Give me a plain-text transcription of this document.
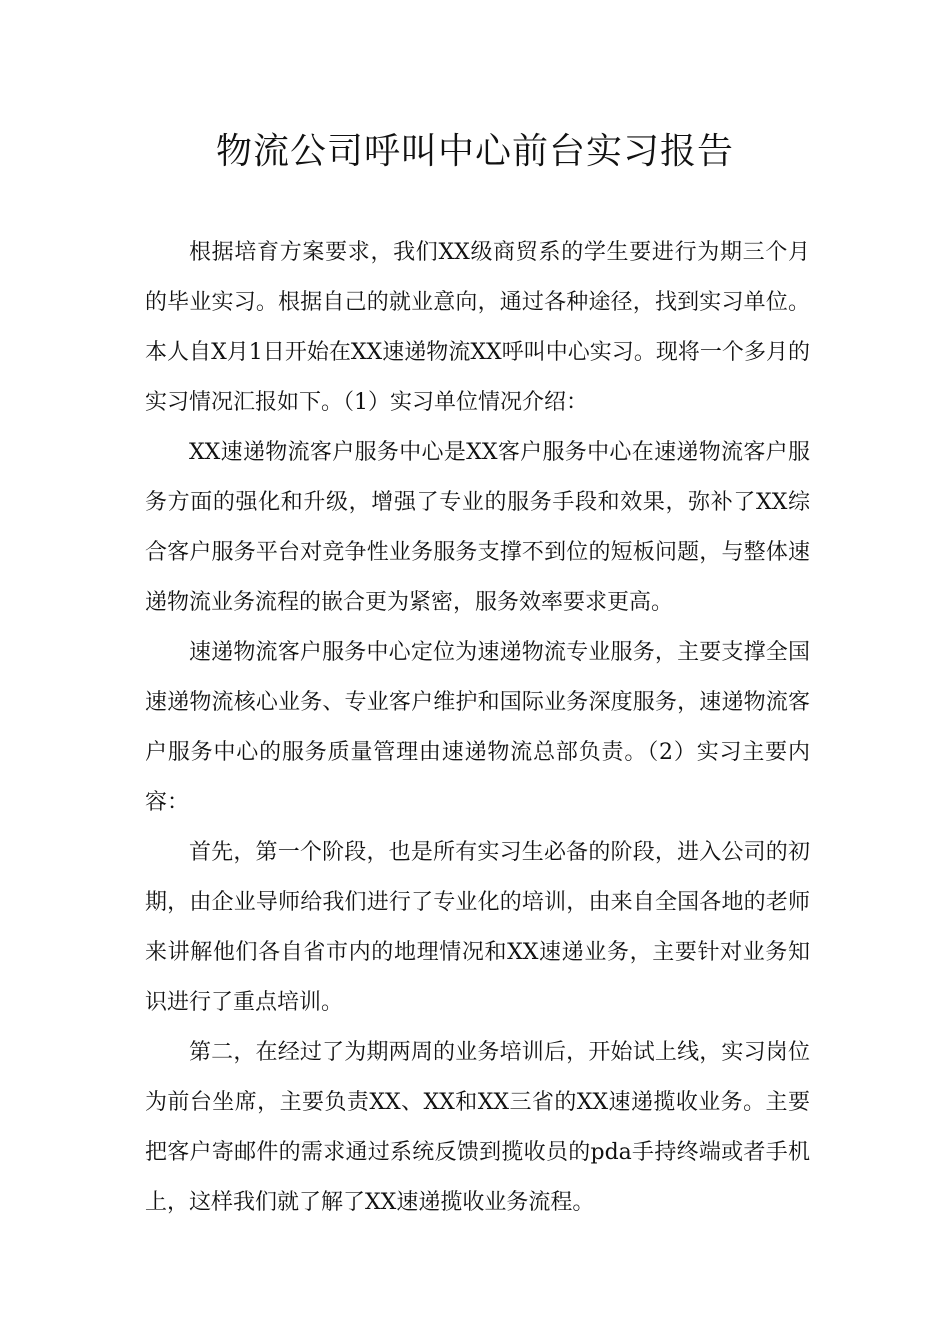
物流公司呼叫中心前台实习报告

根据培育方案要求，我们XX级商贸系的学生要进行为期三个月的毕业实习。根据自己的就业意向，通过各种途径，找到实习单位。本人自X月1日开始在XX速递物流XX呼叫中心实习。现将一个多月的实习情况汇报如下。（1）实习单位情况介绍：

XX速递物流客户服务中心是XX客户服务中心在速递物流客户服务方面的强化和升级，增强了专业的服务手段和效果，弥补了XX综合客户服务平台对竞争性业务服务支撑不到位的短板问题，与整体速递物流业务流程的嵌合更为紧密，服务效率要求更高。

速递物流客户服务中心定位为速递物流专业服务，主要支撑全国速递物流核心业务、专业客户维护和国际业务深度服务，速递物流客户服务中心的服务质量管理由速递物流总部负责。（2）实习主要内容：

首先，第一个阶段，也是所有实习生必备的阶段，进入公司的初期，由企业导师给我们进行了专业化的培训，由来自全国各地的老师来讲解他们各自省市内的地理情况和XX速递业务，主要针对业务知识进行了重点培训。

第二，在经过了为期两周的业务培训后，开始试上线，实习岗位为前台坐席，主要负责XX、XX和XX三省的XX速递揽收业务。主要把客户寄邮件的需求通过系统反馈到揽收员的pda手持终端或者手机上，这样我们就了解了XX速递揽收业务流程。
